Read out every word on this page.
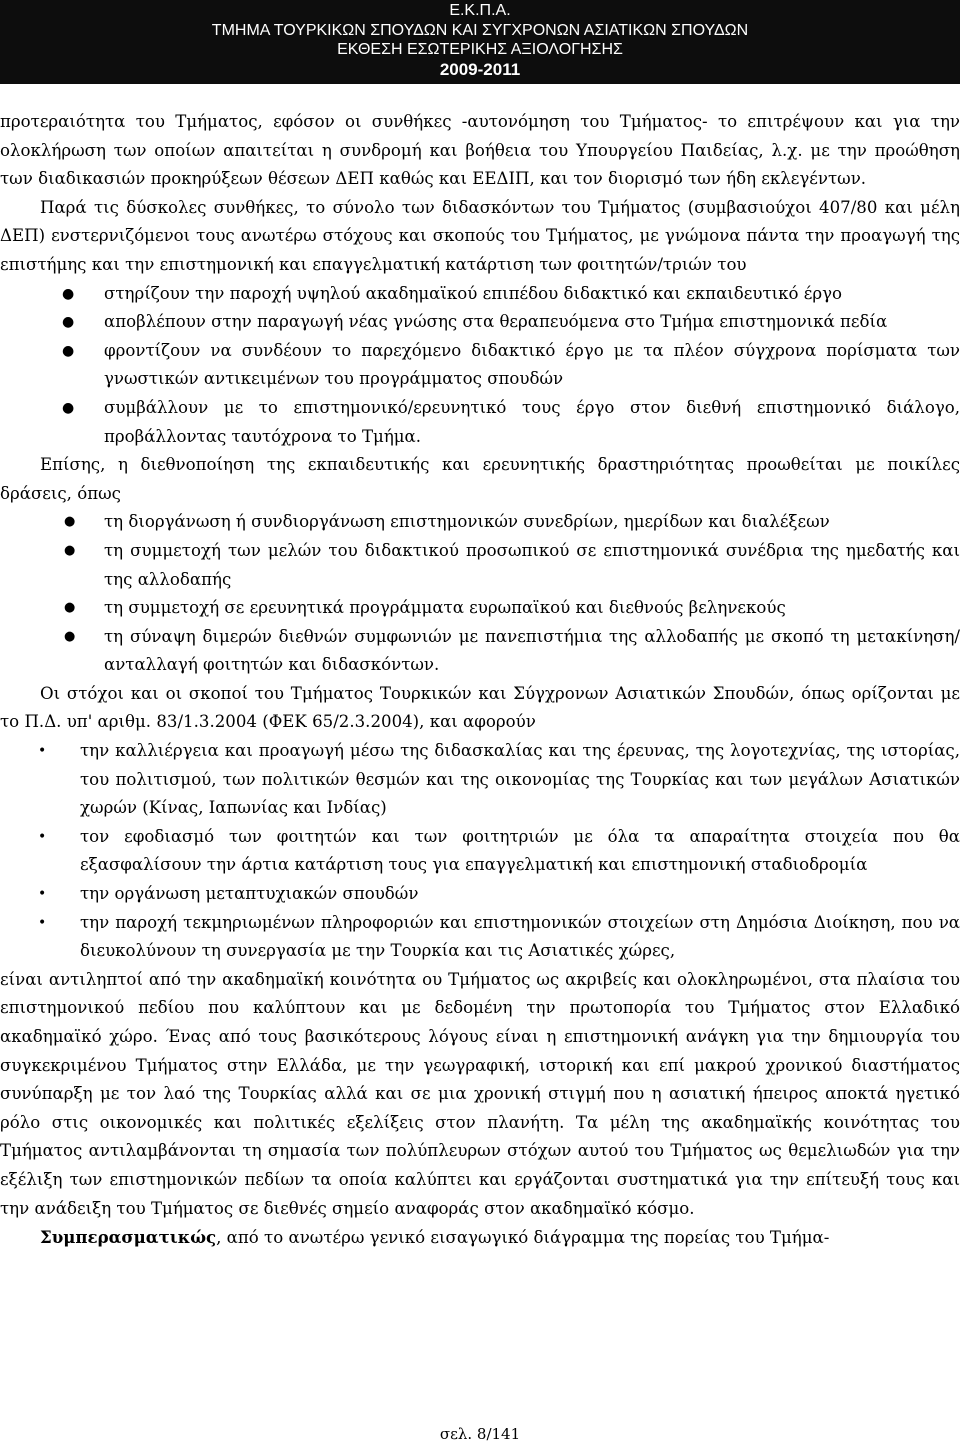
Ε.Κ.Π.Α.
ΤΜΗΜΑ ΤΟΥΡΚΙΚΩΝ ΣΠΟΥΔΩΝ ΚΑΙ ΣΥΓΧΡΟΝΩΝ ΑΣΙΑΤΙΚΩΝ ΣΠΟΥΔΩΝ
ΕΚΘΕΣΗ ΕΣΩΤΕΡΙΚΗΣ ΑΞΙΟΛΟΓΗΣΗΣ
2009-2011

προτεραιότητα του Τμήματος, εφόσον οι συνθήκες -αυτονόμηση του Τμήματος- το επιτρέψουν και για την ολοκλήρωση των οποίων απαιτείται η συνδρομή και βοήθεια του Υπουργείου Παιδείας, λ.χ. με την προώθηση των διαδικασιών προκηρύξεων θέσεων ΔΕΠ καθώς και ΕΕΔΙΠ, και τον διορισμό των ήδη εκλεγέντων.

Παρά τις δύσκολες συνθήκες, το σύνολο των διδασκόντων του Τμήματος (συμβασιούχοι 407/80 και μέλη ΔΕΠ) ενστερνιζόμενοι τους ανωτέρω στόχους και σκοπούς του Τμήματος, με γνώμονα πάντα την προαγωγή της επιστήμης και την επιστημονική και επαγγελματική κατάρτιση των φοιτητών/τριών του

● στηρίζουν την παροχή υψηλού ακαδημαϊκού επιπέδου διδακτικό και εκπαιδευτικό έργο
● αποβλέπουν στην παραγωγή νέας γνώσης στα θεραπευόμενα στο Τμήμα επιστημονικά πεδία
● φροντίζουν να συνδέουν το παρεχόμενο διδακτικό έργο με τα πλέον σύγχρονα πορίσματα των γνωστικών αντικειμένων του προγράμματος σπουδών
● συμβάλλουν με το επιστημονικό/ερευνητικό τους έργο στον διεθνή επιστημονικό διάλογο, προβάλλοντας ταυτόχρονα το Τμήμα.

Επίσης, η διεθνοποίηση της εκπαιδευτικής και ερευνητικής δραστηριότητας προωθείται με ποικίλες δράσεις, όπως

● τη διοργάνωση ή συνδιοργάνωση επιστημονικών συνεδρίων, ημερίδων και διαλέξεων
● τη συμμετοχή των μελών του διδακτικού προσωπικού σε επιστημονικά συνέδρια της ημεδατής και της αλλοδαπής
● τη συμμετοχή σε ερευνητικά προγράμματα ευρωπαϊκού και διεθνούς βεληνεκούς
● τη σύναψη διμερών διεθνών συμφωνιών με πανεπιστήμια της αλλοδαπής με σκοπό τη μετακίνηση/ανταλλαγή φοιτητών και διδασκόντων.

Οι στόχοι και οι σκοποί του Τμήματος Τουρκικών και Σύγχρονων Ασιατικών Σπουδών, όπως ορίζονται με το Π.Δ. υπ' αριθμ. 83/1.3.2004 (ΦΕΚ 65/2.3.2004), και αφορούν

• την καλλιέργεια και προαγωγή μέσω της διδασκαλίας και της έρευνας, της λογοτεχνίας, της ιστορίας, του πολιτισμού, των πολιτικών θεσμών και της οικονομίας της Τουρκίας και των μεγάλων Ασιατικών χωρών (Κίνας, Ιαπωνίας και Ινδίας)
• τον εφοδιασμό των φοιτητών και των φοιτητριών με όλα τα απαραίτητα στοιχεία που θα εξασφαλίσουν την άρτια κατάρτιση τους για επαγγελματική και επιστημονική σταδιοδρομία
• την οργάνωση μεταπτυχιακών σπουδών
• την παροχή τεκμηριωμένων πληροφοριών και επιστημονικών στοιχείων στη Δημόσια Διοίκηση, που να διευκολύνουν τη συνεργασία με την Τουρκία και τις Ασιατικές χώρες,

είναι αντιληπτοί από την ακαδημαϊκή κοινότητα ου Τμήματος ως ακριβείς και ολοκληρωμένοι, στα πλαίσια του επιστημονικού πεδίου που καλύπτουν και με δεδομένη την πρωτοπορία του Τμήματος στον Ελλαδικό ακαδημαϊκό χώρο. Ένας από τους βασικότερους λόγους είναι η επιστημονική ανάγκη για την δημιουργία του συγκεκριμένου Τμήματος στην Ελλάδα, με την γεωγραφική, ιστορική και επί μακρού χρονικού διαστήματος συνύπαρξη με τον λαό της Τουρκίας αλλά και σε μια χρονική στιγμή που η ασιατική ήπειρος αποκτά ηγετικό ρόλο στις οικονομικές και πολιτικές εξελίξεις στον πλανήτη. Τα μέλη της ακαδημαϊκής κοινότητας του Τμήματος αντιλαμβάνονται τη σημασία των πολύπλευρων στόχων αυτού του Τμήματος ως θεμελιωδών για την εξέλιξη των επιστημονικών πεδίων τα οποία καλύπτει και εργάζονται συστηματικά για την επίτευξή τους και την ανάδειξη του Τμήματος σε διεθνές σημείο αναφοράς στον ακαδημαϊκό κόσμο.

Συμπερασματικώς, από το ανωτέρω γενικό εισαγωγικό διάγραμμα της πορείας του Τμήμα-

σελ. 8/141
